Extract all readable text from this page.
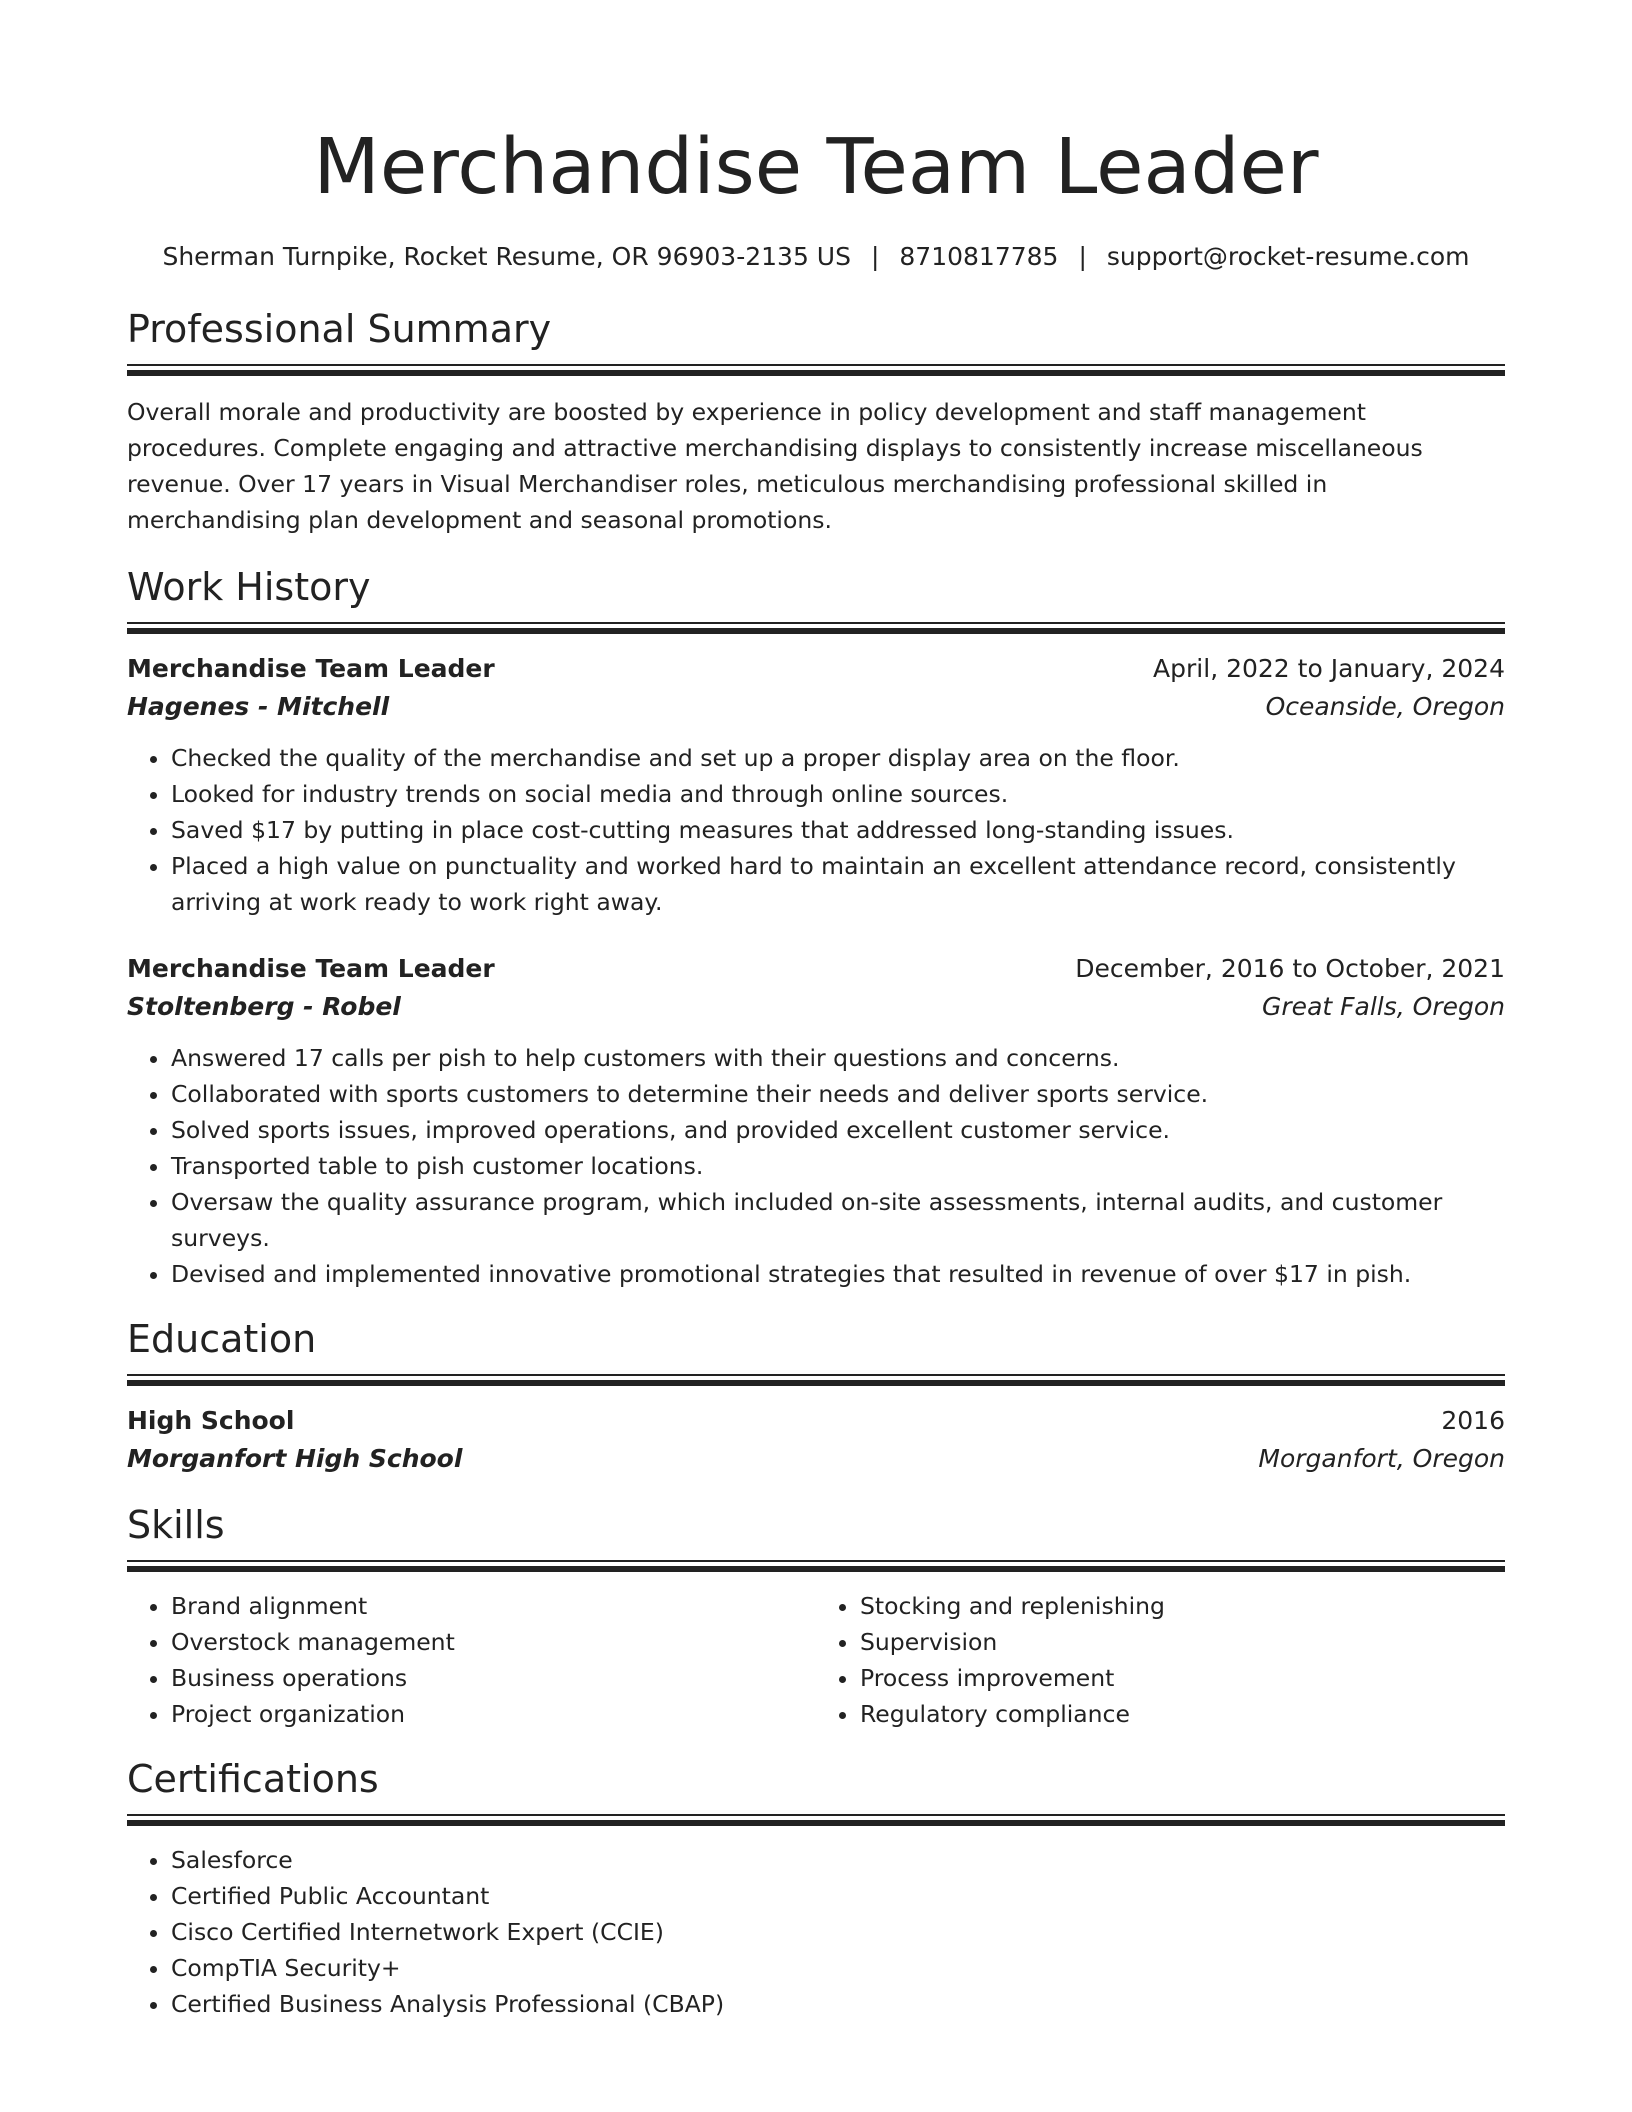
Merchandise Team Leader
Sherman Turnpike, Rocket Resume, OR 96903-2135 US | 8710817785 | support@rocket-resume.com
Professional Summary

Overall morale and productivity are boosted by experience in policy development and staff management procedures. Complete engaging and attractive merchandising displays to consistently increase miscellaneous revenue. Over 17 years in Visual Merchandiser roles, meticulous merchandising professional skilled in merchandising plan development and seasonal promotions.

Work History
Merchandise Team Leader	April, 2022 to January, 2024
Hagenes - Mitchell	Oceanside, Oregon
• Checked the quality of the merchandise and set up a proper display area on the floor.
• Looked for industry trends on social media and through online sources.
• Saved $17 by putting in place cost-cutting measures that addressed long-standing issues.
• Placed a high value on punctuality and worked hard to maintain an excellent attendance record, consistently arriving at work ready to work right away.
Merchandise Team Leader	December, 2016 to October, 2021
Stoltenberg - Robel	Great Falls, Oregon
• Answered 17 calls per pish to help customers with their questions and concerns.
• Collaborated with sports customers to determine their needs and deliver sports service.
• Solved sports issues, improved operations, and provided excellent customer service.
• Transported table to pish customer locations.
• Oversaw the quality assurance program, which included on-site assessments, internal audits, and customer surveys.
• Devised and implemented innovative promotional strategies that resulted in revenue of over $17 in pish.
Education
High School	2016
Morganfort High School	Morganfort, Oregon
Skills
• Brand alignment
• Overstock management
• Business operations
• Project organization
• Stocking and replenishing
• Supervision
• Process improvement
• Regulatory compliance
Certifications
• Salesforce
• Certified Public Accountant
• Cisco Certified Internetwork Expert (CCIE)
• CompTIA Security+
• Certified Business Analysis Professional (CBAP)
